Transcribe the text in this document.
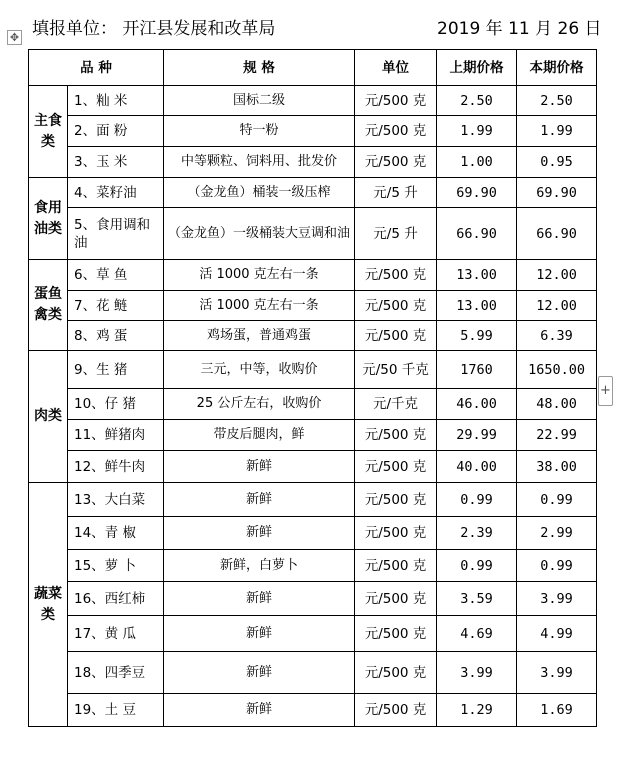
填报单位： 开江县发展和改革局	2019 年 11 月 26 日
✥
+
品 种		规 格	单位	上期价格	本期价格
主食类	1、籼 米	国标二级	元/500 克	2.50	2.50
	2、面 粉	特一粉	元/500 克	1.99	1.99
	3、玉 米	中等颗粒、饲料用、批发价	元/500 克	1.00	0.95
食用油类	4、菜籽油	（金龙鱼）桶装一级压榨	元/5 升	69.90	69.90
	5、食用调和油	（金龙鱼）一级桶装大豆调和油	元/5 升	66.90	66.90
蛋鱼禽类	6、草 鱼	活 1000 克左右一条	元/500 克	13.00	12.00
	7、花 鲢	活 1000 克左右一条	元/500 克	13.00	12.00
	8、鸡 蛋	鸡场蛋，普通鸡蛋	元/500 克	5.99	6.39
肉类	9、生 猪	三元，中等，收购价	元/50 千克	1760	1650.00
	10、仔 猪	25 公斤左右，收购价	元/千克	46.00	48.00
	11、鲜猪肉	带皮后腿肉，鲜	元/500 克	29.99	22.99
	12、鲜牛肉	新鲜	元/500 克	40.00	38.00
蔬菜类	13、大白菜	新鲜	元/500 克	0.99	0.99
	14、青 椒	新鲜	元/500 克	2.39	2.99
	15、萝 卜	新鲜，白萝卜	元/500 克	0.99	0.99
	16、西红柿	新鲜	元/500 克	3.59	3.99
	17、黄 瓜	新鲜	元/500 克	4.69	4.99
	18、四季豆	新鲜	元/500 克	3.99	3.99
	19、土 豆	新鲜	元/500 克	1.29	1.69
